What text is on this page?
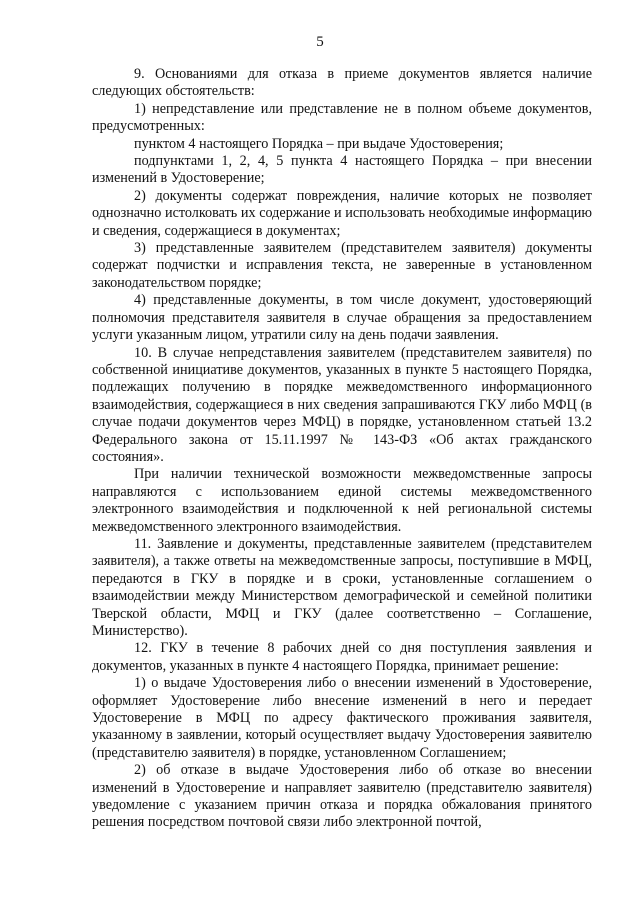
5

9. Основаниями для отказа в приеме документов является наличие следующих обстоятельств:

1) непредставление или представление не в полном объеме документов, предусмотренных:

пунктом 4 настоящего Порядка – при выдаче Удостоверения;

подпунктами 1, 2, 4, 5 пункта 4 настоящего Порядка – при внесении изменений в Удостоверение;

2) документы содержат повреждения, наличие которых не позволяет однозначно истолковать их содержание и использовать необходимые информацию и сведения, содержащиеся в документах;

3) представленные заявителем (представителем заявителя) документы содержат подчистки и исправления текста, не заверенные в установленном законодательством порядке;

4) представленные документы, в том числе документ, удостоверяющий полномочия представителя заявителя в случае обращения за предоставлением услуги указанным лицом, утратили силу на день подачи заявления.

10. В случае непредставления заявителем (представителем заявителя) по собственной инициативе документов, указанных в пункте 5 настоящего Порядка, подлежащих получению в порядке межведомственного информационного взаимодействия, содержащиеся в них сведения запрашиваются ГКУ либо МФЦ (в случае подачи документов через МФЦ) в порядке, установленном статьей 13.2 Федерального закона от 15.11.1997 № 143-ФЗ «Об актах гражданского состояния».

При наличии технической возможности межведомственные запросы направляются с использованием единой системы межведомственного электронного взаимодействия и подключенной к ней региональной системы межведомственного электронного взаимодействия.

11. Заявление и документы, представленные заявителем (представителем заявителя), а также ответы на межведомственные запросы, поступившие в МФЦ, передаются в ГКУ в порядке и в сроки, установленные соглашением о взаимодействии между Министерством демографической и семейной политики Тверской области, МФЦ и ГКУ (далее соответственно – Соглашение, Министерство).

12. ГКУ в течение 8 рабочих дней со дня поступления заявления и документов, указанных в пункте 4 настоящего Порядка, принимает решение:

1) о выдаче Удостоверения либо о внесении изменений в Удостоверение, оформляет Удостоверение либо внесение изменений в него и передает Удостоверение в МФЦ по адресу фактического проживания заявителя, указанному в заявлении, который осуществляет выдачу Удостоверения заявителю (представителю заявителя) в порядке, установленном Соглашением;

2) об отказе в выдаче Удостоверения либо об отказе во внесении изменений в Удостоверение и направляет заявителю (представителю заявителя) уведомление с указанием причин отказа и порядка обжалования принятого решения посредством почтовой связи либо электронной почтой,
